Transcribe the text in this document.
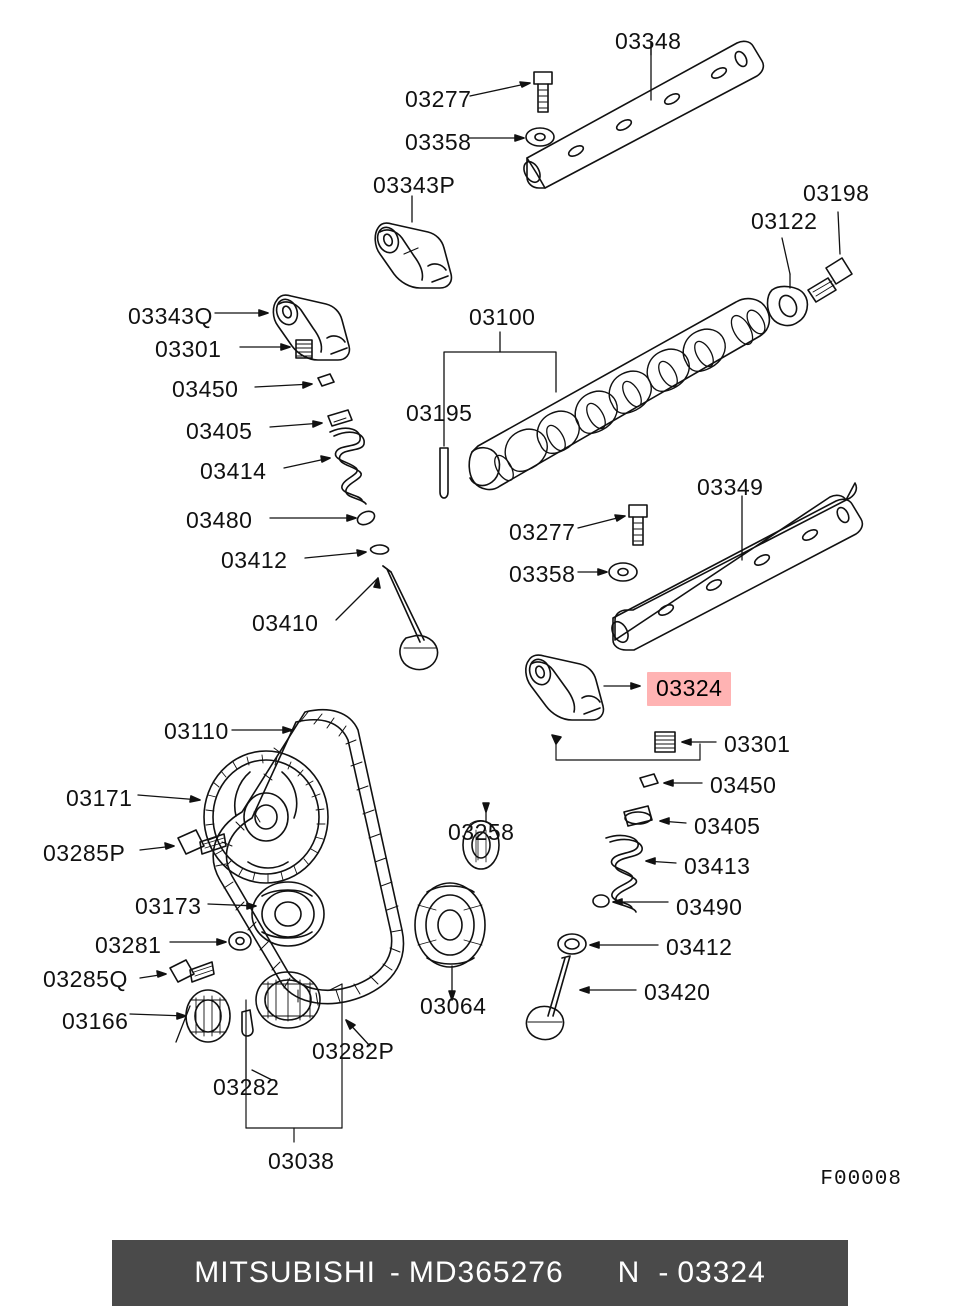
03348
03277
03358
03343P	03198
03122
03100
03343Q
03301
03450
03195
03405
03414
03349
03480	03277
03412
03358
03410
03324
03110	03301
03450
03171
03405
03258
03285P	03413
03173	03490
03281	03412
03285Q	03420
03166
03064
03282P
03282
03038
F00008
MITSUBISHI - MD365276 N - 03324
